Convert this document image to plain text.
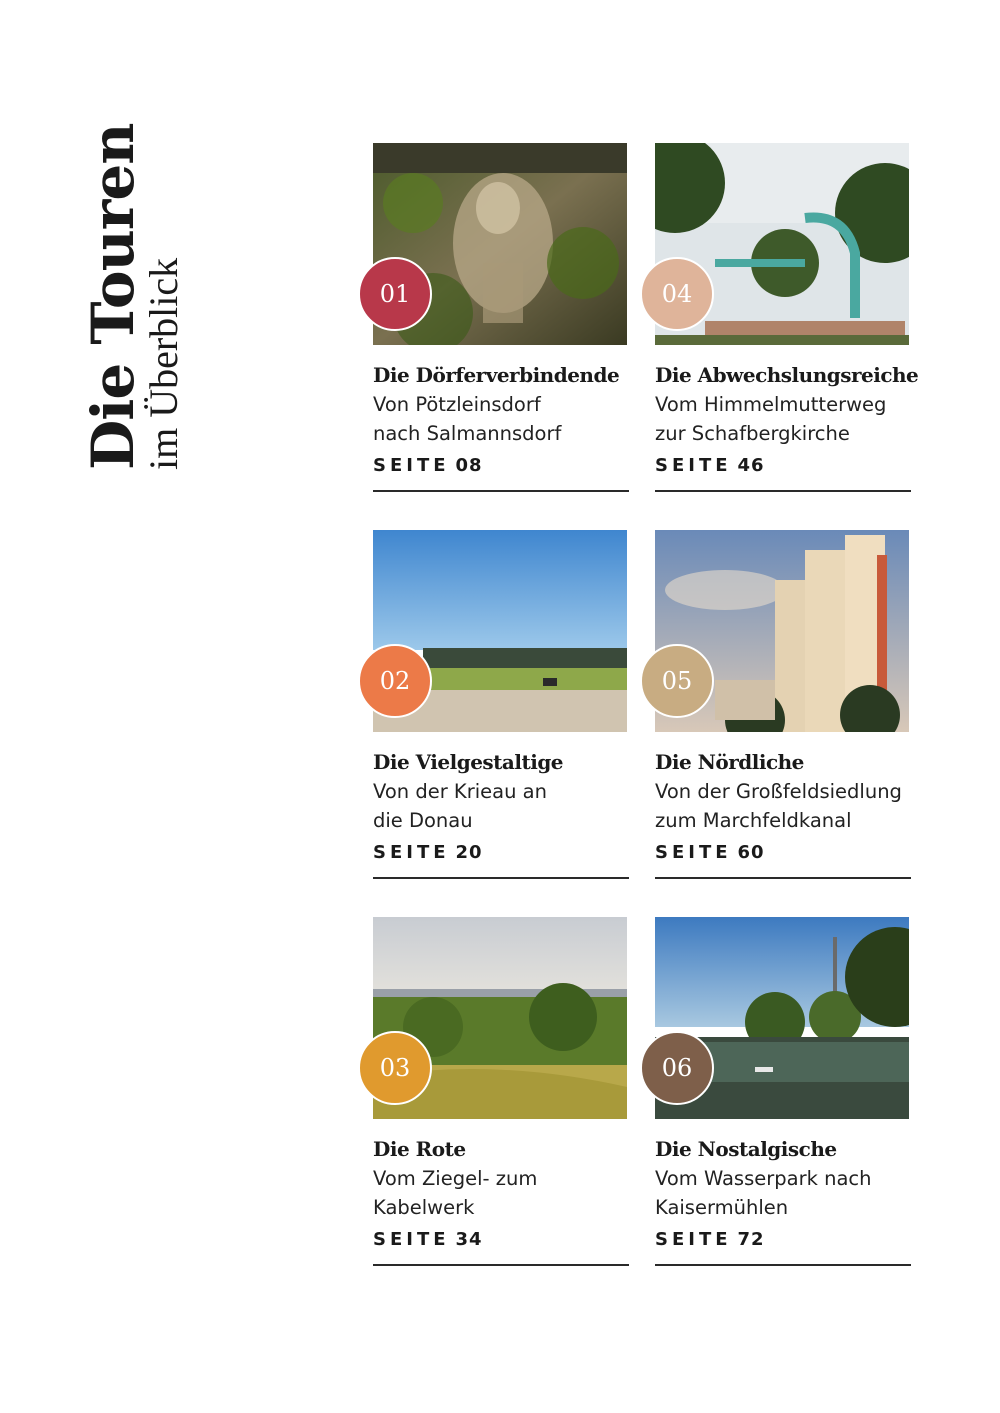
Die Touren
im Überblick	01
Die Dörferverbindende
Von Pötzleinsdorf
nach Salmannsdorf
SEITE 08
04
Die Abwechslungsreiche
Vom Himmelmutterweg
zur Schafbergkirche
SEITE 46
02
Die Vielgestaltige
Von der Krieau an
die Donau
SEITE 20
05
Die Nördliche
Von der Großfeldsiedlung
zum Marchfeldkanal
SEITE 60
03
Die Rote
Vom Ziegel- zum
Kabelwerk
SEITE 34
06
Die Nostalgische
Vom Wasserpark nach
Kaisermühlen
SEITE 72
